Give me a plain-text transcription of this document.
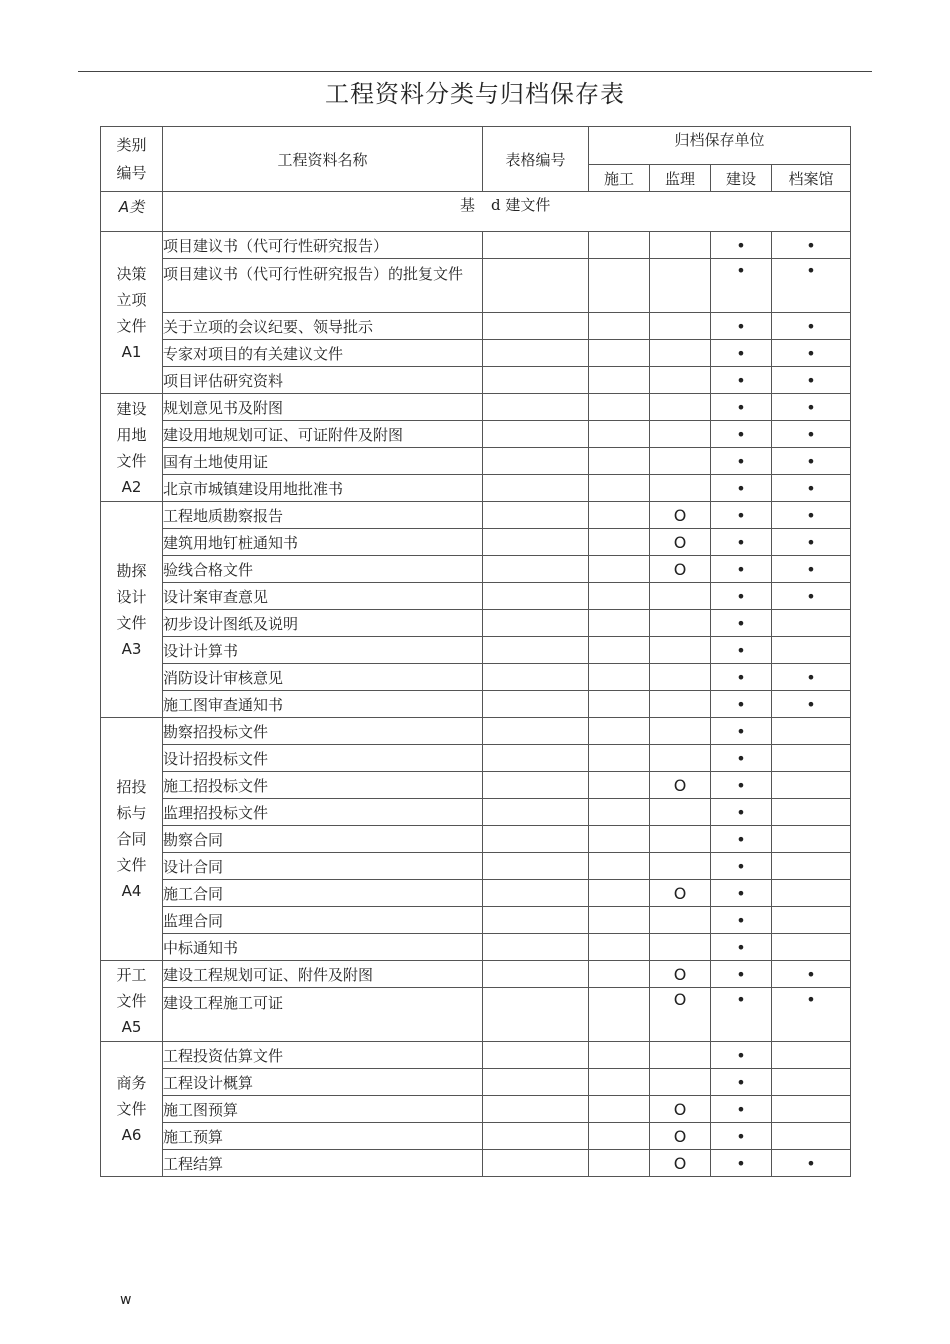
工程资料分类与归档保存表
类别编号	工程资料名称	表格编号	归档保存单位			
			施工	监理	建设	档案馆
A类	基 d 建文件					

决策
立项
文件
A1	项目建议书（代可行性研究报告）				•	•
	项目建议书（代可行性研究报告）的批复文件				•	•
	关于立项的会议纪要、领导批示				•	•
	专家对项目的有关建议文件				•	•
	项目评估研究资料				•	•

建设
用地
文件
A2	规划意见书及附图				•	•
	建设用地规划可证、可证附件及附图				•	•
	国有土地使用证				•	•
	北京市城镇建设用地批准书				•	•

勘探
设计
文件
A3	工程地质勘察报告			O	•	•
	建筑用地钉桩通知书			O	•	•
	验线合格文件			O	•	•
	设计案审查意见				•	•
	初步设计图纸及说明				•	
	设计计算书				•	
	消防设计审核意见				•	•
	施工图审查通知书				•	•

招投
标与
合同
文件
A4	勘察招投标文件				•	
	设计招投标文件				•	
	施工招投标文件			O	•	
	监理招投标文件				•	
	勘察合同				•	
	设计合同				•	
	施工合同			O	•	
	监理合同				•	
	中标通知书				•	

开工
文件
A5	建设工程规划可证、附件及附图			O	•	•
	建设工程施工可证			O	•	•

商务
文件
A6	工程投资估算文件				•	
	工程设计概算				•	
	施工图预算			O	•	
	施工预算			O	•	
	工程结算			O	•	•
w
